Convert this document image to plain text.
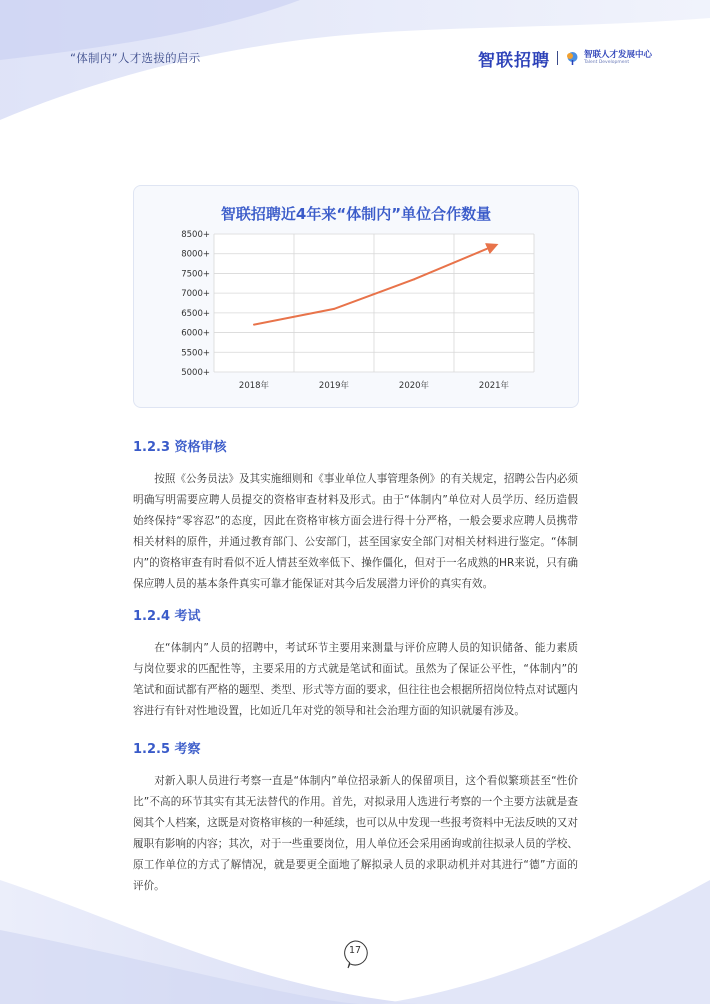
“体制内”人才选拔的启示	智联招聘	智联人才发展中心
Talent Development
智联招聘近4年来“体制内”单位合作数量
5000+
5500+
6000+
6500+
7000+
7500+
8000+
8500+
2018年	2019年	2020年	2021年
1.2.3 资格审核

按照《公务员法》及其实施细则和《事业单位人事管理条例》的有关规定，招聘公告内必须明确写明需要应聘人员提交的资格审查材料及形式。由于“体制内”单位对人员学历、经历造假始终保持“零容忍”的态度，因此在资格审核方面会进行得十分严格，一般会要求应聘人员携带相关材料的原件，并通过教育部门、公安部门，甚至国家安全部门对相关材料进行鉴定。“体制内”的资格审查有时看似不近人情甚至效率低下、操作僵化，但对于一名成熟的HR来说，只有确保应聘人员的基本条件真实可靠才能保证对其今后发展潜力评价的真实有效。

1.2.4 考试

在“体制内”人员的招聘中，考试环节主要用来测量与评价应聘人员的知识储备、能力素质与岗位要求的匹配性等，主要采用的方式就是笔试和面试。虽然为了保证公平性，“体制内”的笔试和面试都有严格的题型、类型、形式等方面的要求，但往往也会根据所招岗位特点对试题内容进行有针对性地设置，比如近几年对党的领导和社会治理方面的知识就屡有涉及。

1.2.5 考察

对新入职人员进行考察一直是“体制内”单位招录新人的保留项目，这个看似繁琐甚至“性价比”不高的环节其实有其无法替代的作用。首先，对拟录用人选进行考察的一个主要方法就是查阅其个人档案，这既是对资格审核的一种延续，也可以从中发现一些报考资料中无法反映的又对履职有影响的内容；其次，对于一些重要岗位，用人单位还会采用函询或前往拟录人员的学校、原工作单位的方式了解情况，就是要更全面地了解拟录人员的求职动机并对其进行“德”方面的评价。

17
